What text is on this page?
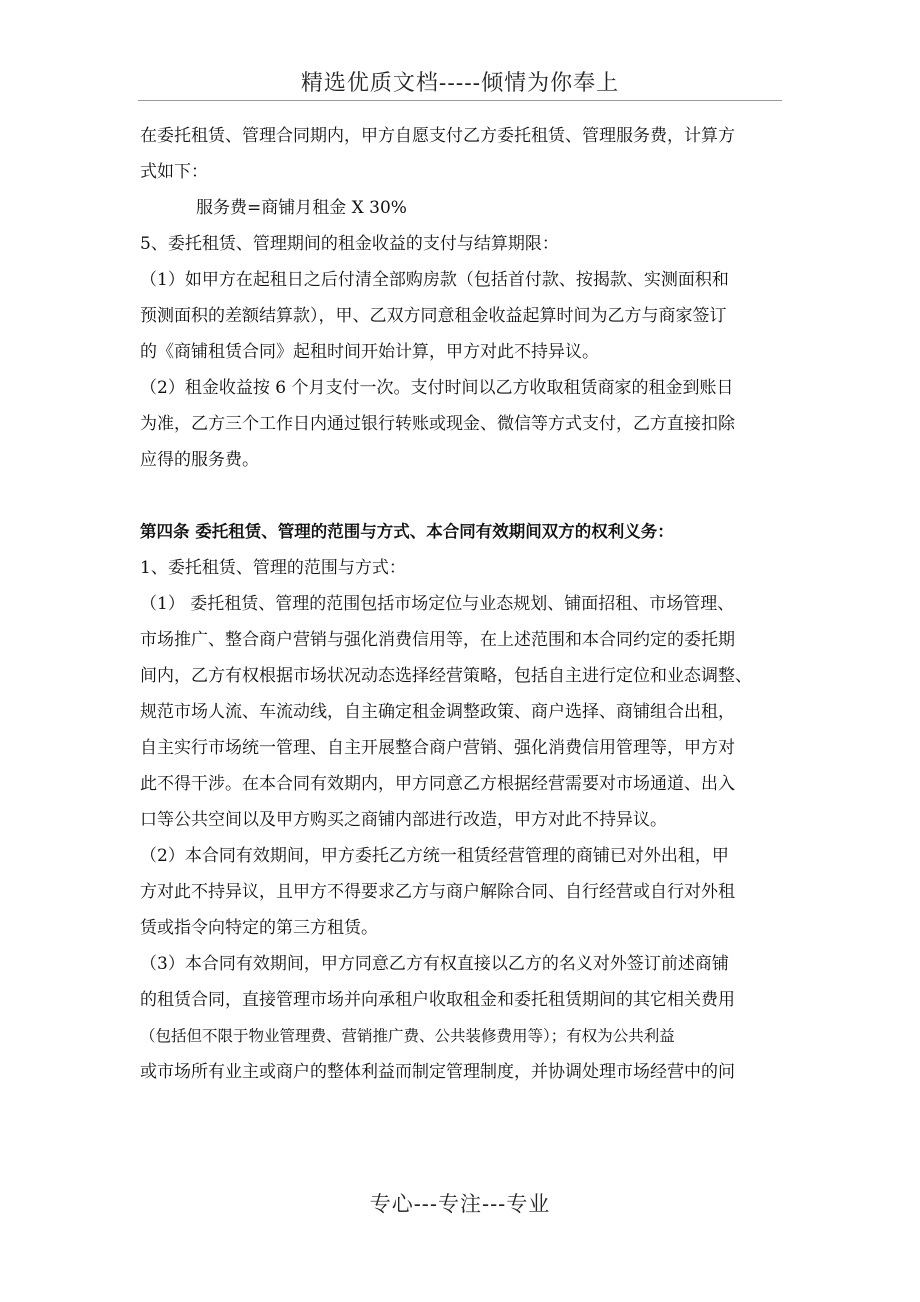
精选优质文档-----倾情为你奉上

在委托租赁、管理合同期内，甲方自愿支付乙方委托租赁、管理服务费，计算方

式如下：

服务费=商铺月租金 X 30%

5、委托租赁、管理期间的租金收益的支付与结算期限：

（1）如甲方在起租日之后付清全部购房款（包括首付款、按揭款、实测面积和

预测面积的差额结算款），甲、乙双方同意租金收益起算时间为乙方与商家签订

的《商铺租赁合同》起租时间开始计算，甲方对此不持异议。

（2）租金收益按 6 个月支付一次。支付时间以乙方收取租赁商家的租金到账日

为准，乙方三个工作日内通过银行转账或现金、微信等方式支付，乙方直接扣除

应得的服务费。

第四条 委托租赁、管理的范围与方式、本合同有效期间双方的权利义务：

1、委托租赁、管理的范围与方式：

（1） 委托租赁、管理的范围包括市场定位与业态规划、铺面招租、市场管理、

市场推广、整合商户营销与强化消费信用等，在上述范围和本合同约定的委托期

间内，乙方有权根据市场状况动态选择经营策略，包括自主进行定位和业态调整、

规范市场人流、车流动线，自主确定租金调整政策、商户选择、商铺组合出租，

自主实行市场统一管理、自主开展整合商户营销、强化消费信用管理等，甲方对

此不得干涉。在本合同有效期内，甲方同意乙方根据经营需要对市场通道、出入

口等公共空间以及甲方购买之商铺内部进行改造，甲方对此不持异议。

（2）本合同有效期间，甲方委托乙方统一租赁经营管理的商铺已对外出租，甲

方对此不持异议，且甲方不得要求乙方与商户解除合同、自行经营或自行对外租

赁或指令向特定的第三方租赁。

（3）本合同有效期间，甲方同意乙方有权直接以乙方的名义对外签订前述商铺

的租赁合同，直接管理市场并向承租户收取租金和委托租赁期间的其它相关费用

（包括但不限于物业管理费、营销推广费、公共装修费用等）；有权为公共利益

或市场所有业主或商户的整体利益而制定管理制度，并协调处理市场经营中的问

专心---专注---专业
